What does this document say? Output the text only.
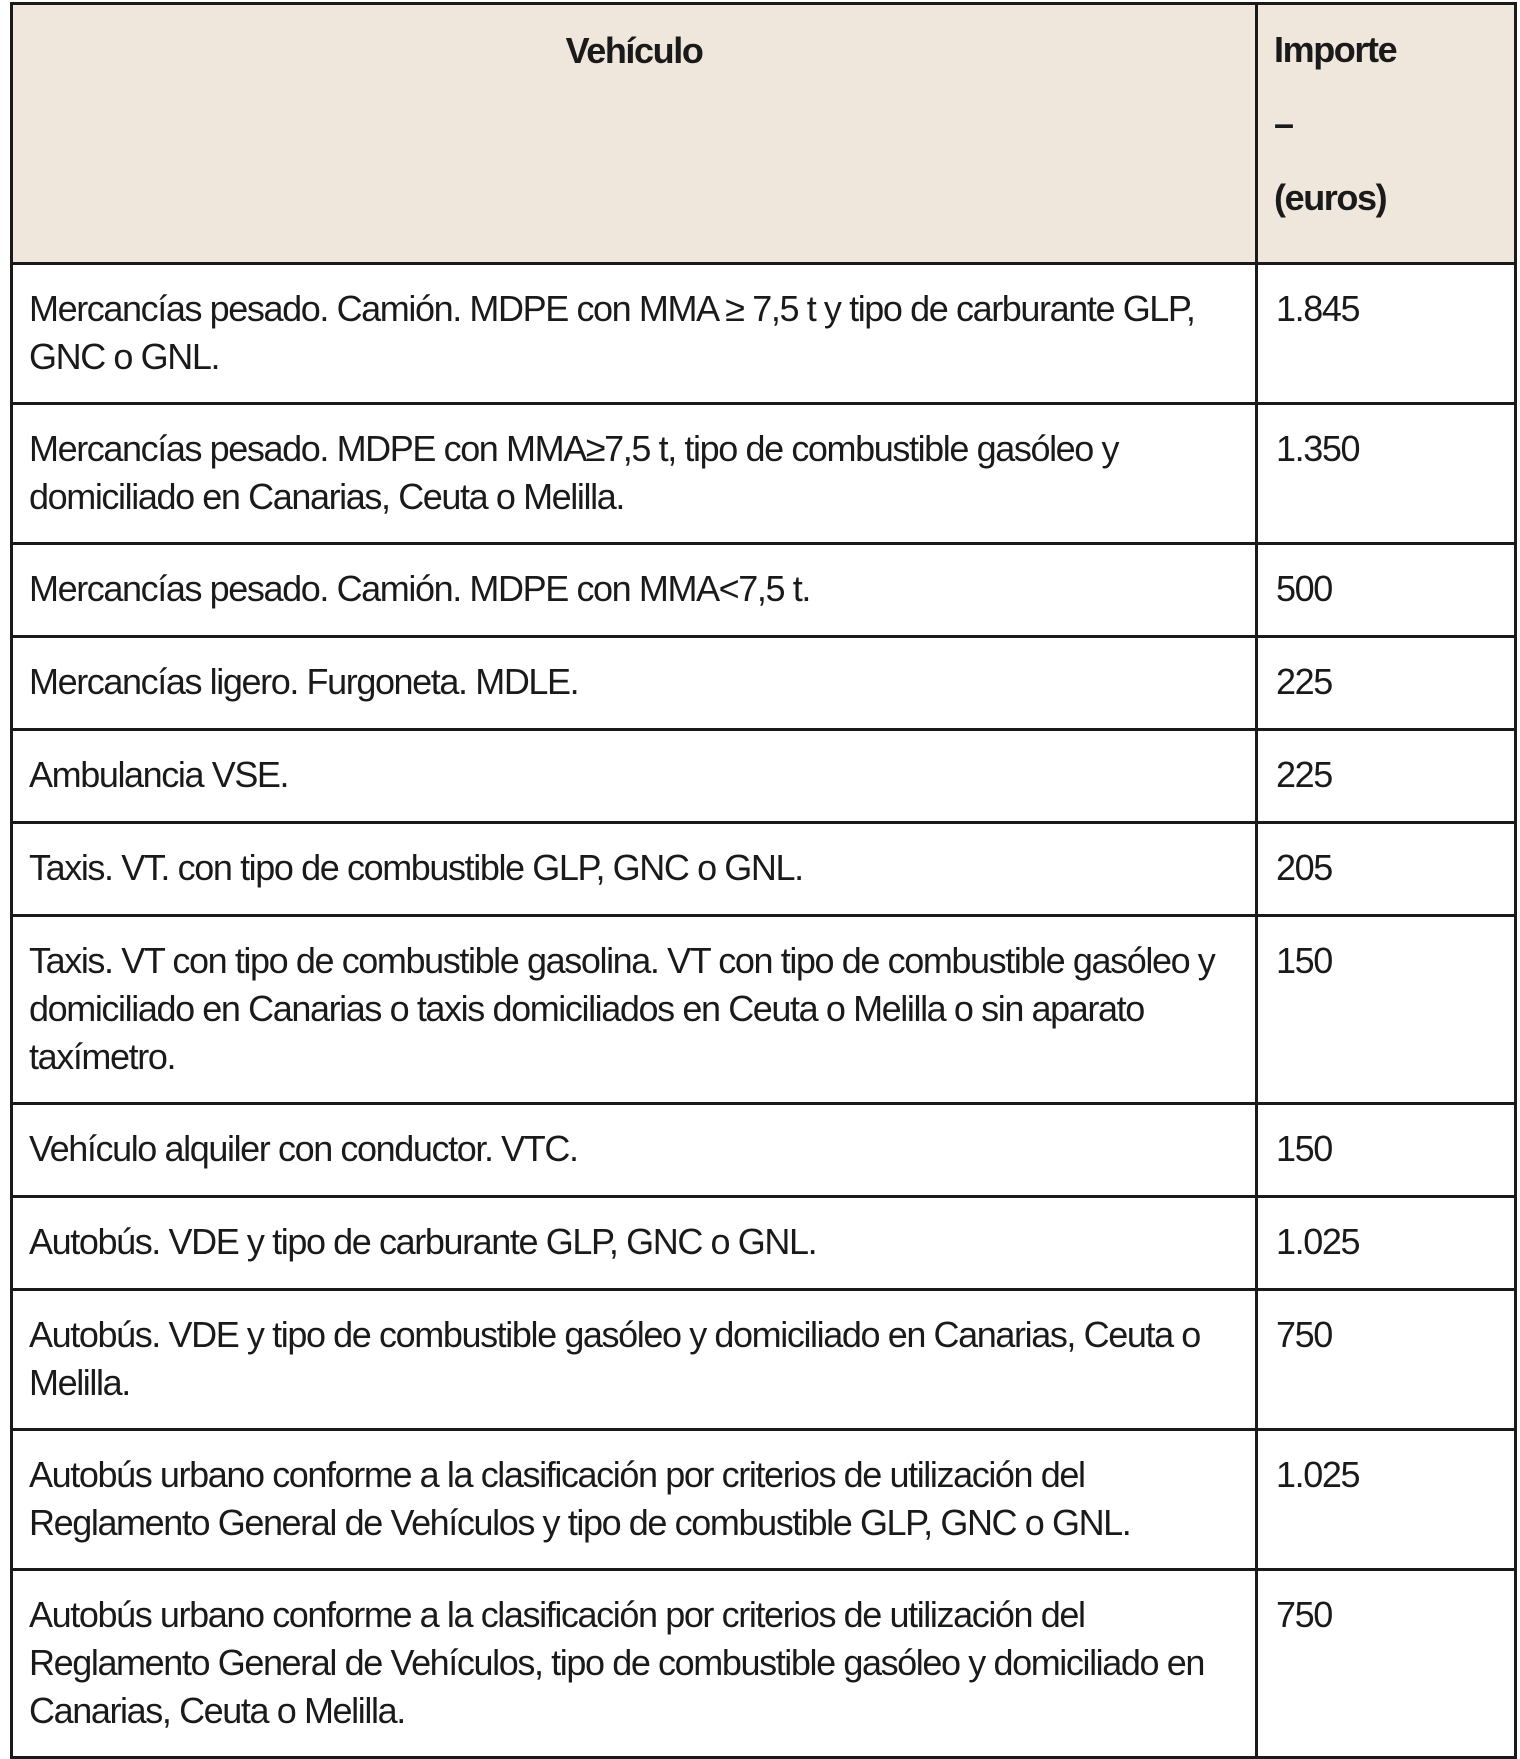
Vehículo	Importe
–
(euros)

Mercancías pesado. Camión. MDPE con MMA ≥ 7,5 t y tipo de carburante GLP, GNC o GNL.	1.845
Mercancías pesado. MDPE con MMA≥7,5 t, tipo de combustible gasóleo y domiciliado en Canarias, Ceuta o Melilla.	1.350
Mercancías pesado. Camión. MDPE con MMA<7,5 t.	500
Mercancías ligero. Furgoneta. MDLE.	225
Ambulancia VSE.	225
Taxis. VT. con tipo de combustible GLP, GNC o GNL.	205
Taxis. VT con tipo de combustible gasolina. VT con tipo de combustible gasóleo y domiciliado en Canarias o taxis domiciliados en Ceuta o Melilla o sin aparato taxímetro.	150
Vehículo alquiler con conductor. VTC.	150
Autobús. VDE y tipo de carburante GLP, GNC o GNL.	1.025
Autobús. VDE y tipo de combustible gasóleo y domiciliado en Canarias, Ceuta o Melilla.	750
Autobús urbano conforme a la clasificación por criterios de utilización del Reglamento General de Vehículos y tipo de combustible GLP, GNC o GNL.	1.025
Autobús urbano conforme a la clasificación por criterios de utilización del Reglamento General de Vehículos, tipo de combustible gasóleo y domiciliado en Canarias, Ceuta o Melilla.	750
